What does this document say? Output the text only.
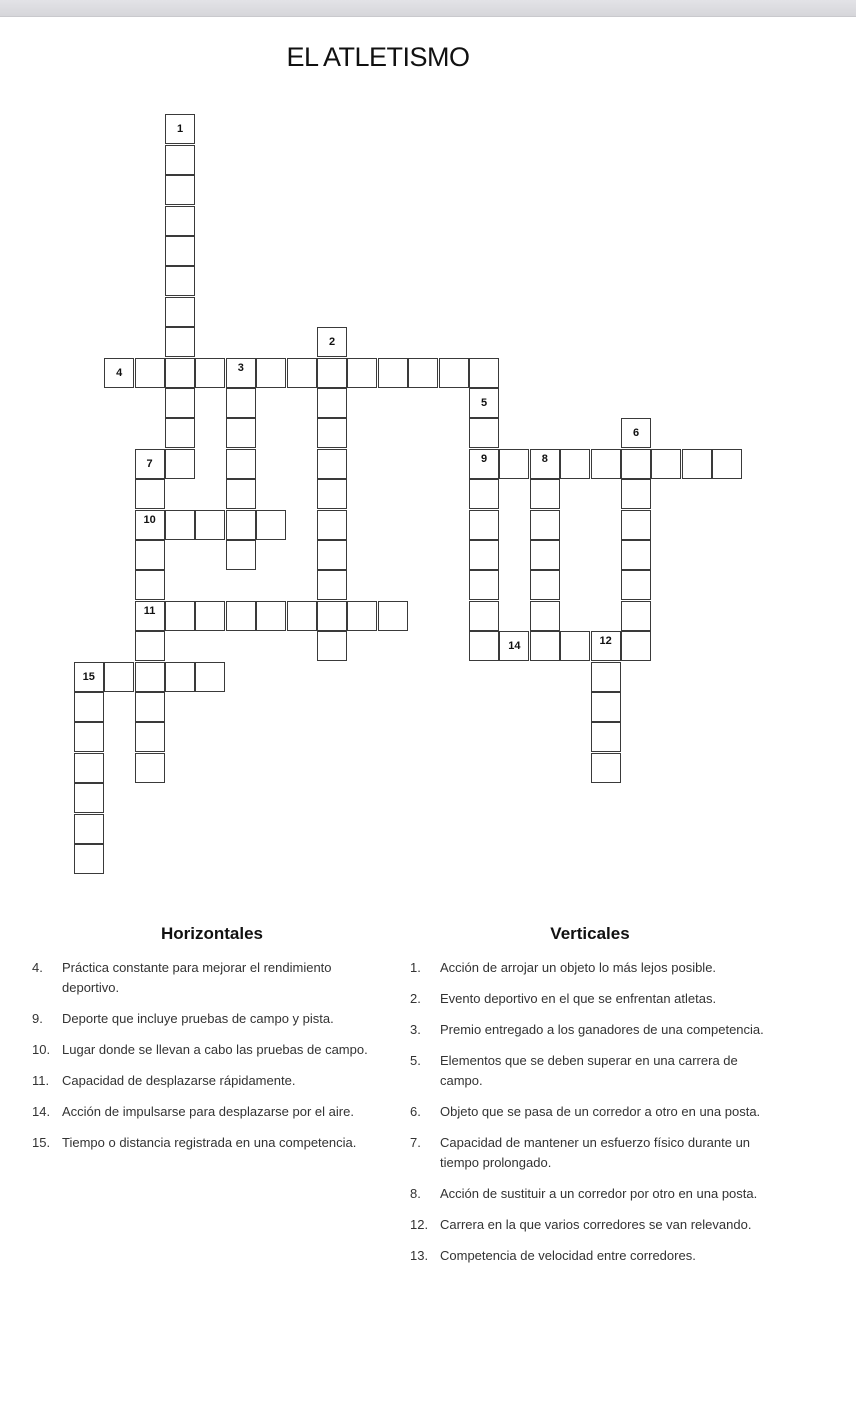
EL ATLETISMO
4
9
10
11
14
15
1
2
3
5
6
7	8
12
Horizontales
4.	Práctica constante para mejorar el rendimiento deportivo.
9.	Deporte que incluye pruebas de campo y pista.
10. Lugar donde se llevan a cabo las pruebas de campo.
11. Capacidad de desplazarse rápidamente.
14. Acción de impulsarse para desplazarse por el aire.
15. Tiempo o distancia registrada en una competencia.
Verticales
1.	Acción de arrojar un objeto lo más lejos posible.
2.	Evento deportivo en el que se enfrentan atletas.
3.	Premio entregado a los ganadores de una competencia.
5.	Elementos que se deben superar en una carrera de campo.
6.	Objeto que se pasa de un corredor a otro en una posta.
7.	Capacidad de mantener un esfuerzo físico durante un tiempo prolongado.
8.	Acción de sustituir a un corredor por otro en una posta.
12. Carrera en la que varios corredores se van relevando.
13. Competencia de velocidad entre corredores.
